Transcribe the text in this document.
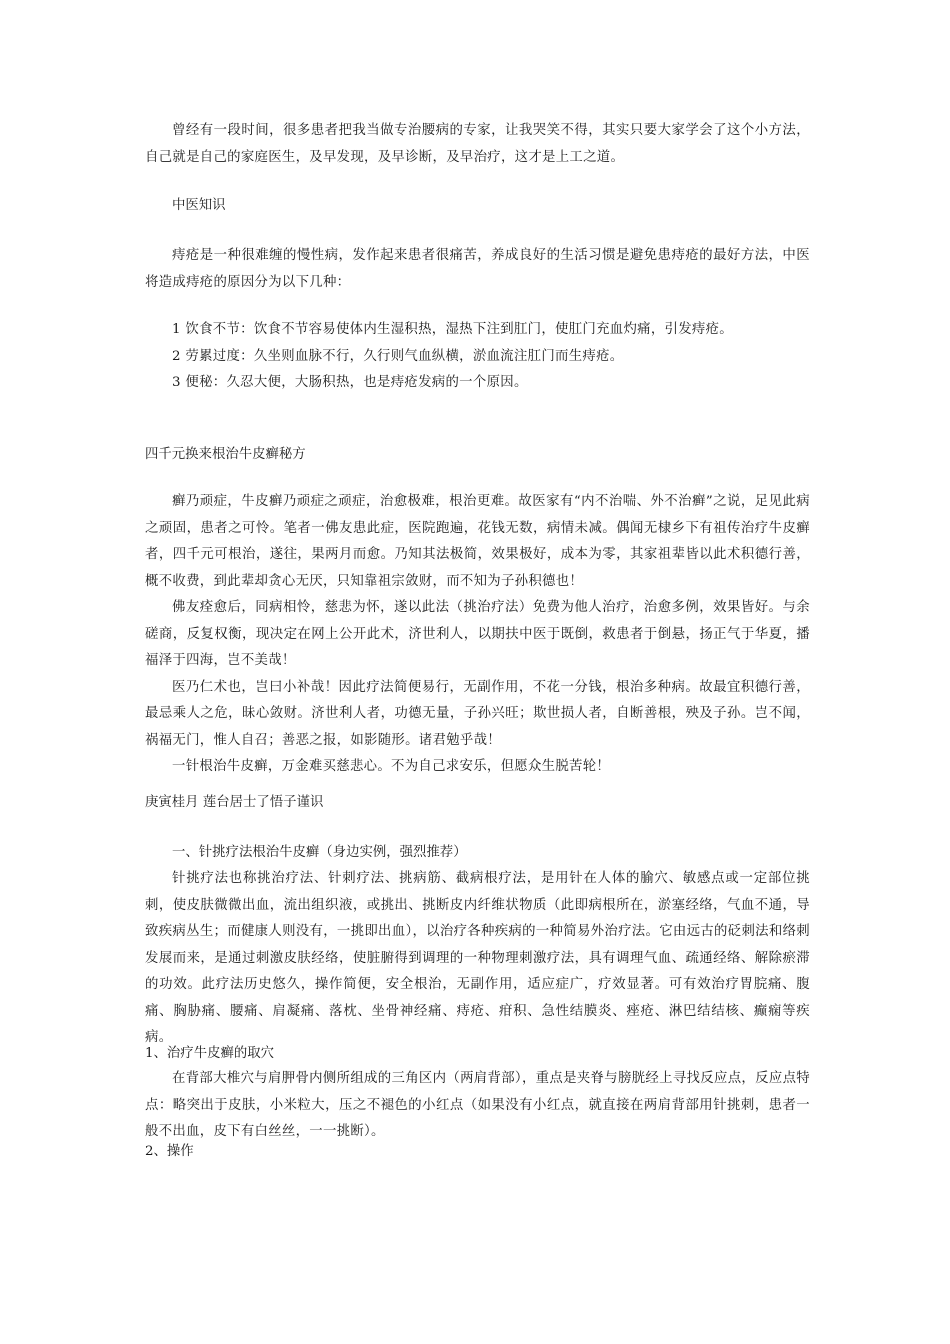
曾经有一段时间，很多患者把我当做专治腰病的专家，让我哭笑不得，其实只要大家学会了这个小方法，自己就是自己的家庭医生，及早发现，及早诊断，及早治疗，这才是上工之道。

中医知识

痔疮是一种很难缠的慢性病，发作起来患者很痛苦，养成良好的生活习惯是避免患痔疮的最好方法，中医将造成痔疮的原因分为以下几种：

1 饮食不节：饮食不节容易使体内生湿积热，湿热下注到肛门，使肛门充血灼痛，引发痔疮。
2 劳累过度：久坐则血脉不行，久行则气血纵横，淤血流注肛门而生痔疮。
3 便秘：久忍大便，大肠积热，也是痔疮发病的一个原因。

四千元换来根治牛皮癣秘方

癣乃顽症，牛皮癣乃顽症之顽症，治愈极难，根治更难。故医家有“内不治喘、外不治癣”之说，足见此病之顽固，患者之可怜。笔者一佛友患此症，医院跑遍，花钱无数，病情未减。偶闻无棣乡下有祖传治疗牛皮癣者，四千元可根治，遂往，果两月而愈。乃知其法极简，效果极好，成本为零，其家祖辈皆以此术积德行善，概不收费，到此辈却贪心无厌，只知靠祖宗敛财，而不知为子孙积德也！

佛友痊愈后，同病相怜，慈悲为怀，遂以此法（挑治疗法）免费为他人治疗，治愈多例，效果皆好。与余磋商，反复权衡，现决定在网上公开此术，济世利人，以期扶中医于既倒，救患者于倒悬，扬正气于华夏，播福泽于四海，岂不美哉！

医乃仁术也，岂曰小补哉！因此疗法简便易行，无副作用，不花一分钱，根治多种病。故最宜积德行善，最忌乘人之危，昧心敛财。济世利人者，功德无量，子孙兴旺；欺世损人者，自断善根，殃及子孙。岂不闻，祸福无门，惟人自召；善恶之报，如影随形。诸君勉乎哉！

一针根治牛皮癣，万金难买慈悲心。不为自己求安乐，但愿众生脱苦轮！

庚寅桂月 莲台居士了悟子谨识

一、针挑疗法根治牛皮癣（身边实例，强烈推荐）

针挑疗法也称挑治疗法、针刺疗法、挑病筋、截病根疗法，是用针在人体的腧穴、敏感点或一定部位挑刺，使皮肤微微出血，流出组织液，或挑出、挑断皮内纤维状物质（此即病根所在，淤塞经络，气血不通，导致疾病丛生；而健康人则没有，一挑即出血），以治疗各种疾病的一种简易外治疗法。它由远古的砭刺法和络刺发展而来，是通过刺激皮肤经络，使脏腑得到调理的一种物理刺激疗法，具有调理气血、疏通经络、解除瘀滞的功效。此疗法历史悠久，操作简便，安全根治，无副作用，适应症广，疗效显著。可有效治疗胃脘痛、腹痛、胸胁痛、腰痛、肩凝痛、落枕、坐骨神经痛、痔疮、疳积、急性结膜炎、痤疮、淋巴结结核、癫痫等疾病。

1、治疗牛皮癣的取穴

在背部大椎穴与肩胛骨内侧所组成的三角区内（两肩背部），重点是夹脊与膀胱经上寻找反应点，反应点特点：略突出于皮肤，小米粒大，压之不褪色的小红点（如果没有小红点，就直接在两肩背部用针挑刺，患者一般不出血，皮下有白丝丝，一一挑断）。

2、操作
